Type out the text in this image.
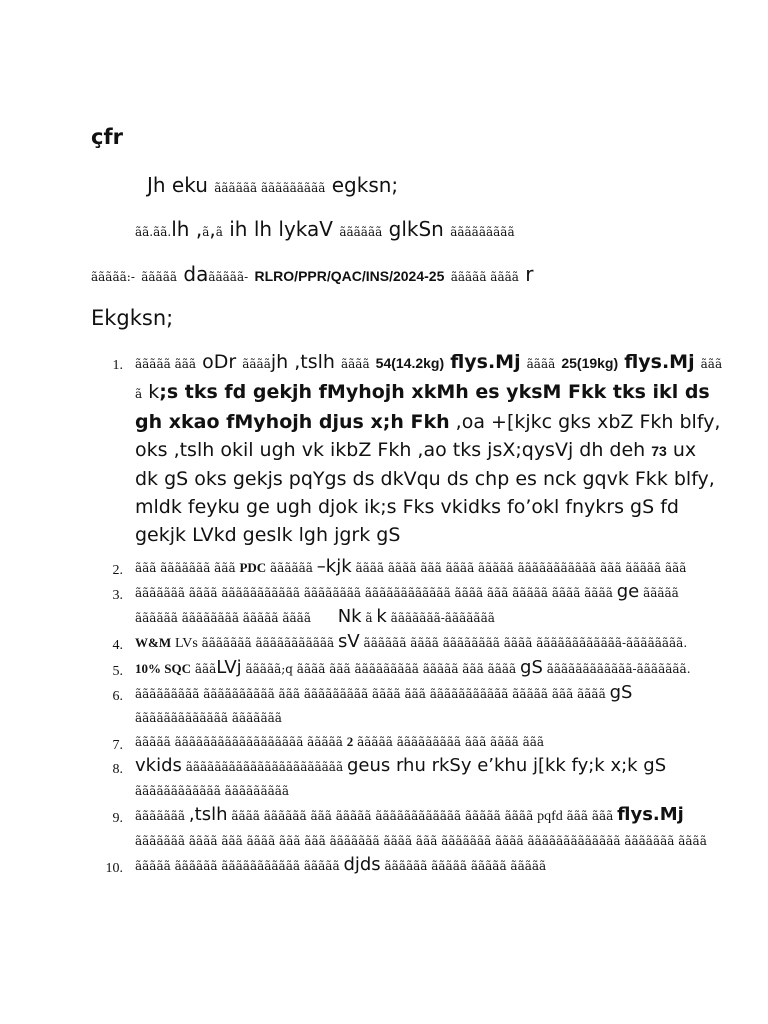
çfr
Jh eku ãããããã ããããããããã egksn;
ãã.ãã.lh ,ã,ã ih lh lykaV ãããããã glkSn ããããããããã
ããããã:- ããããã daããããã- RLRO/PPR/QAC/INS/2024-25 ããããã ãããã r
Ekgksn;
ããããã ããã oDr ããããjh ,tslh ãããã 54(14.2kg) flys.Mj ãããã 25(19kg) flys.Mj ããã ã k;s tks fd gekjh fMyhojh xkMh es yksM Fkk tks ikl ds gh xkao fMyhojh djus x;h Fkh ,oa +[kjkc gks xbZ Fkh blfy, oks ,tslh okil ugh vk ikbZ Fkh ,ao tks jsX;qysVj dh deh 73 ux dk gS oks gekjs pqYgs ds dkVqu ds chp es nck gqvk Fkk blfy, mldk feyku ge ugh djok ik;s Fks vkidks fo’okl fnykrs gS fd gekjk LVkd geslk lgh jgrk gS
ããã ããããããã ããã PDC ãããããã –kjk ãããã ãããã ããã ãããã ããããã ããããããããããã ããã ããããã ããã
ããããããã ãããã ããããããããããã ãããããããã ãããããããããããã ãããã ããã ããããã ãããã ãããã ge ããããã ãããããã ãããããããã ããããã ãããã Nk ã k ããããããã-ããããããã
W&M LVs ããããããã ããããããããããã sV ãããããã ãããã ãããããããã ãããã ãããããããããããã-ãããããããã.
10% SQC ãããLVj ããããã;q ãããã ããã ããããããããã ããããã ããã ãããã gS ãããããããããããã-ããããããã.
ããããããããã ãããããããããã ããã ããããããããã ãããã ããã ããããããããããã ããããã ããã ãããã gS ããããããããããããã ããããããã
ããããã ãããããããããããããããããã ããããã 2 ããããã ããããããããã ããã ãããã ããã
vkids ãããããããããããããããããããããã geus rhu rkSy e’khu j[kk fy;k x;k gS ãããããããããããã ããããããããã
ããããããã ,tslh ãããã ãããããã ããã ããããã ãããããããããããã ããããã ãããã pqfd ããã ããã flys.Mj ããããããã ãããã ããã ãããã ããã ããã ããããããã ãããã ããã ããããããã ãããã ããããããããããããã ããããããã ãããã
ããããã ãããããã ããããããããããã ããããã djds ãããããã ããããã ããããã ããããã
